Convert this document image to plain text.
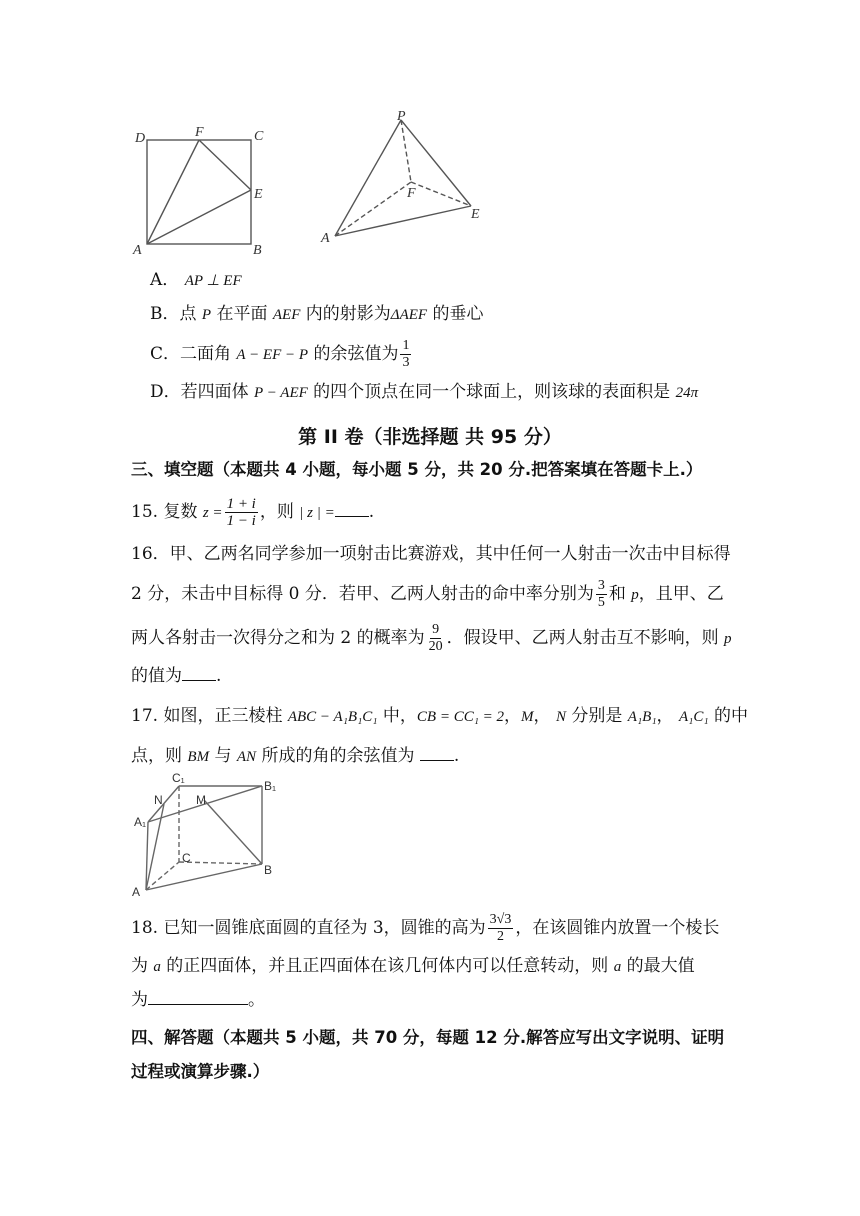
D	F	C
E
A	B
P
F
E
A
A． AP ⊥ EF
B．点 P 在平面 AEF 内的射影为ΔAEF 的垂心
C．二面角 A − EF − P 的余弦值为 $\frac{1}{3}$
D．若四面体 P − AEF 的四个顶点在同一个球面上，则该球的表面积是 24π
第 II 卷（非选择题 共 95 分）
三、填空题（本题共 4 小题，每小题 5 分，共 20 分.把答案填在答题卡上.）
15. 复数 $z = \frac{1 + i}{1 - i}$ ，则 | z | = .
16．甲、乙两名同学参加一项射击比赛游戏，其中任何一人射击一次击中目标得
2 分，未击中目标得 0 分．若甲、乙两人射击的命中率分别为 $\frac{3}{5}$ 和 p，且甲、乙
两人各射击一次得分之和为 2 的概率为 $\frac{9}{20}$ ．假设甲、乙两人射击互不影响，则 p
的值为 .
17. 如图，正三棱柱 ABC − A₁B₁C₁ 中，CB = CC₁ = 2，M， N 分别是 A₁B₁， A₁C₁ 的中
点，则 BM 与 AN 所成的角的余弦值为 .
C₁
B₁
N	M
A₁
C
B
A
18. 已知一圆锥底面圆的直径为 3，圆锥的高为 $\frac{3√3}{2}$ ，在该圆锥内放置一个棱长
为 a 的正四面体，并且正四面体在该几何体内可以任意转动，则 a 的最大值
为	。
四、解答题（本题共 5 小题，共 70 分，每题 12 分.解答应写出文字说明、证明
过程或演算步骤.）
